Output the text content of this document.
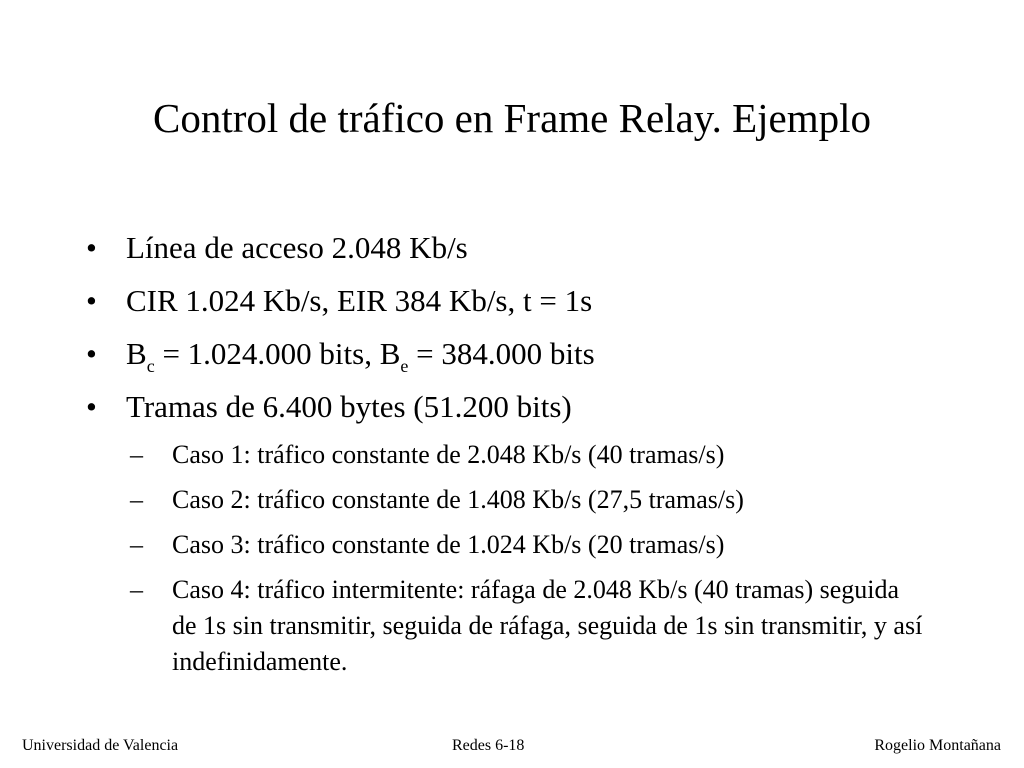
Control de tráfico en Frame Relay. Ejemplo
• Línea de acceso 2.048 Kb/s
• CIR 1.024 Kb/s, EIR 384 Kb/s, t = 1s
• $B_c = 1.024.000$ bits, $B_e = 384.000$ bits
• Tramas de 6.400 bytes (51.200 bits)
– Caso 1: tráfico constante de 2.048 Kb/s (40 tramas/s)
– Caso 2: tráfico constante de 1.408 Kb/s (27,5 tramas/s)
– Caso 3: tráfico constante de 1.024 Kb/s (20 tramas/s)
– Caso 4: tráfico intermitente: ráfaga de 2.048 Kb/s (40 tramas) seguida de 1s sin transmitir, seguida de ráfaga, seguida de 1s sin transmitir, y así indefinidamente.
Universidad de Valencia	Redes 6-18	Rogelio Montañana
